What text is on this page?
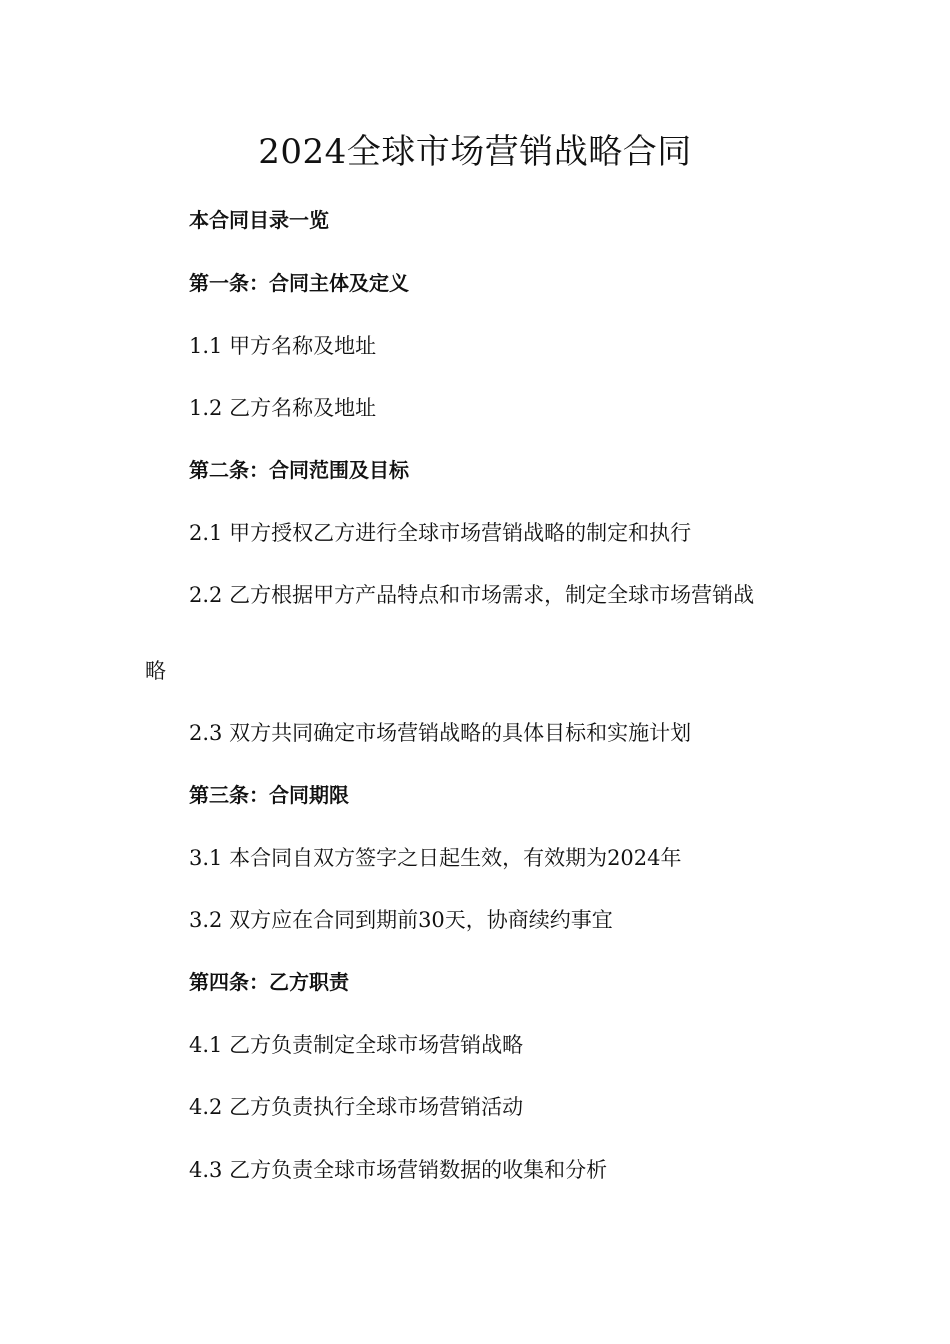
2024全球市场营销战略合同
本合同目录一览
第一条：合同主体及定义
1.1 甲方名称及地址
1.2 乙方名称及地址
第二条：合同范围及目标
2.1 甲方授权乙方进行全球市场营销战略的制定和执行
2.2 乙方根据甲方产品特点和市场需求，制定全球市场营销战
略
2.3 双方共同确定市场营销战略的具体目标和实施计划
第三条：合同期限
3.1 本合同自双方签字之日起生效，有效期为2024年
3.2 双方应在合同到期前30天，协商续约事宜
第四条：乙方职责
4.1 乙方负责制定全球市场营销战略
4.2 乙方负责执行全球市场营销活动
4.3 乙方负责全球市场营销数据的收集和分析
